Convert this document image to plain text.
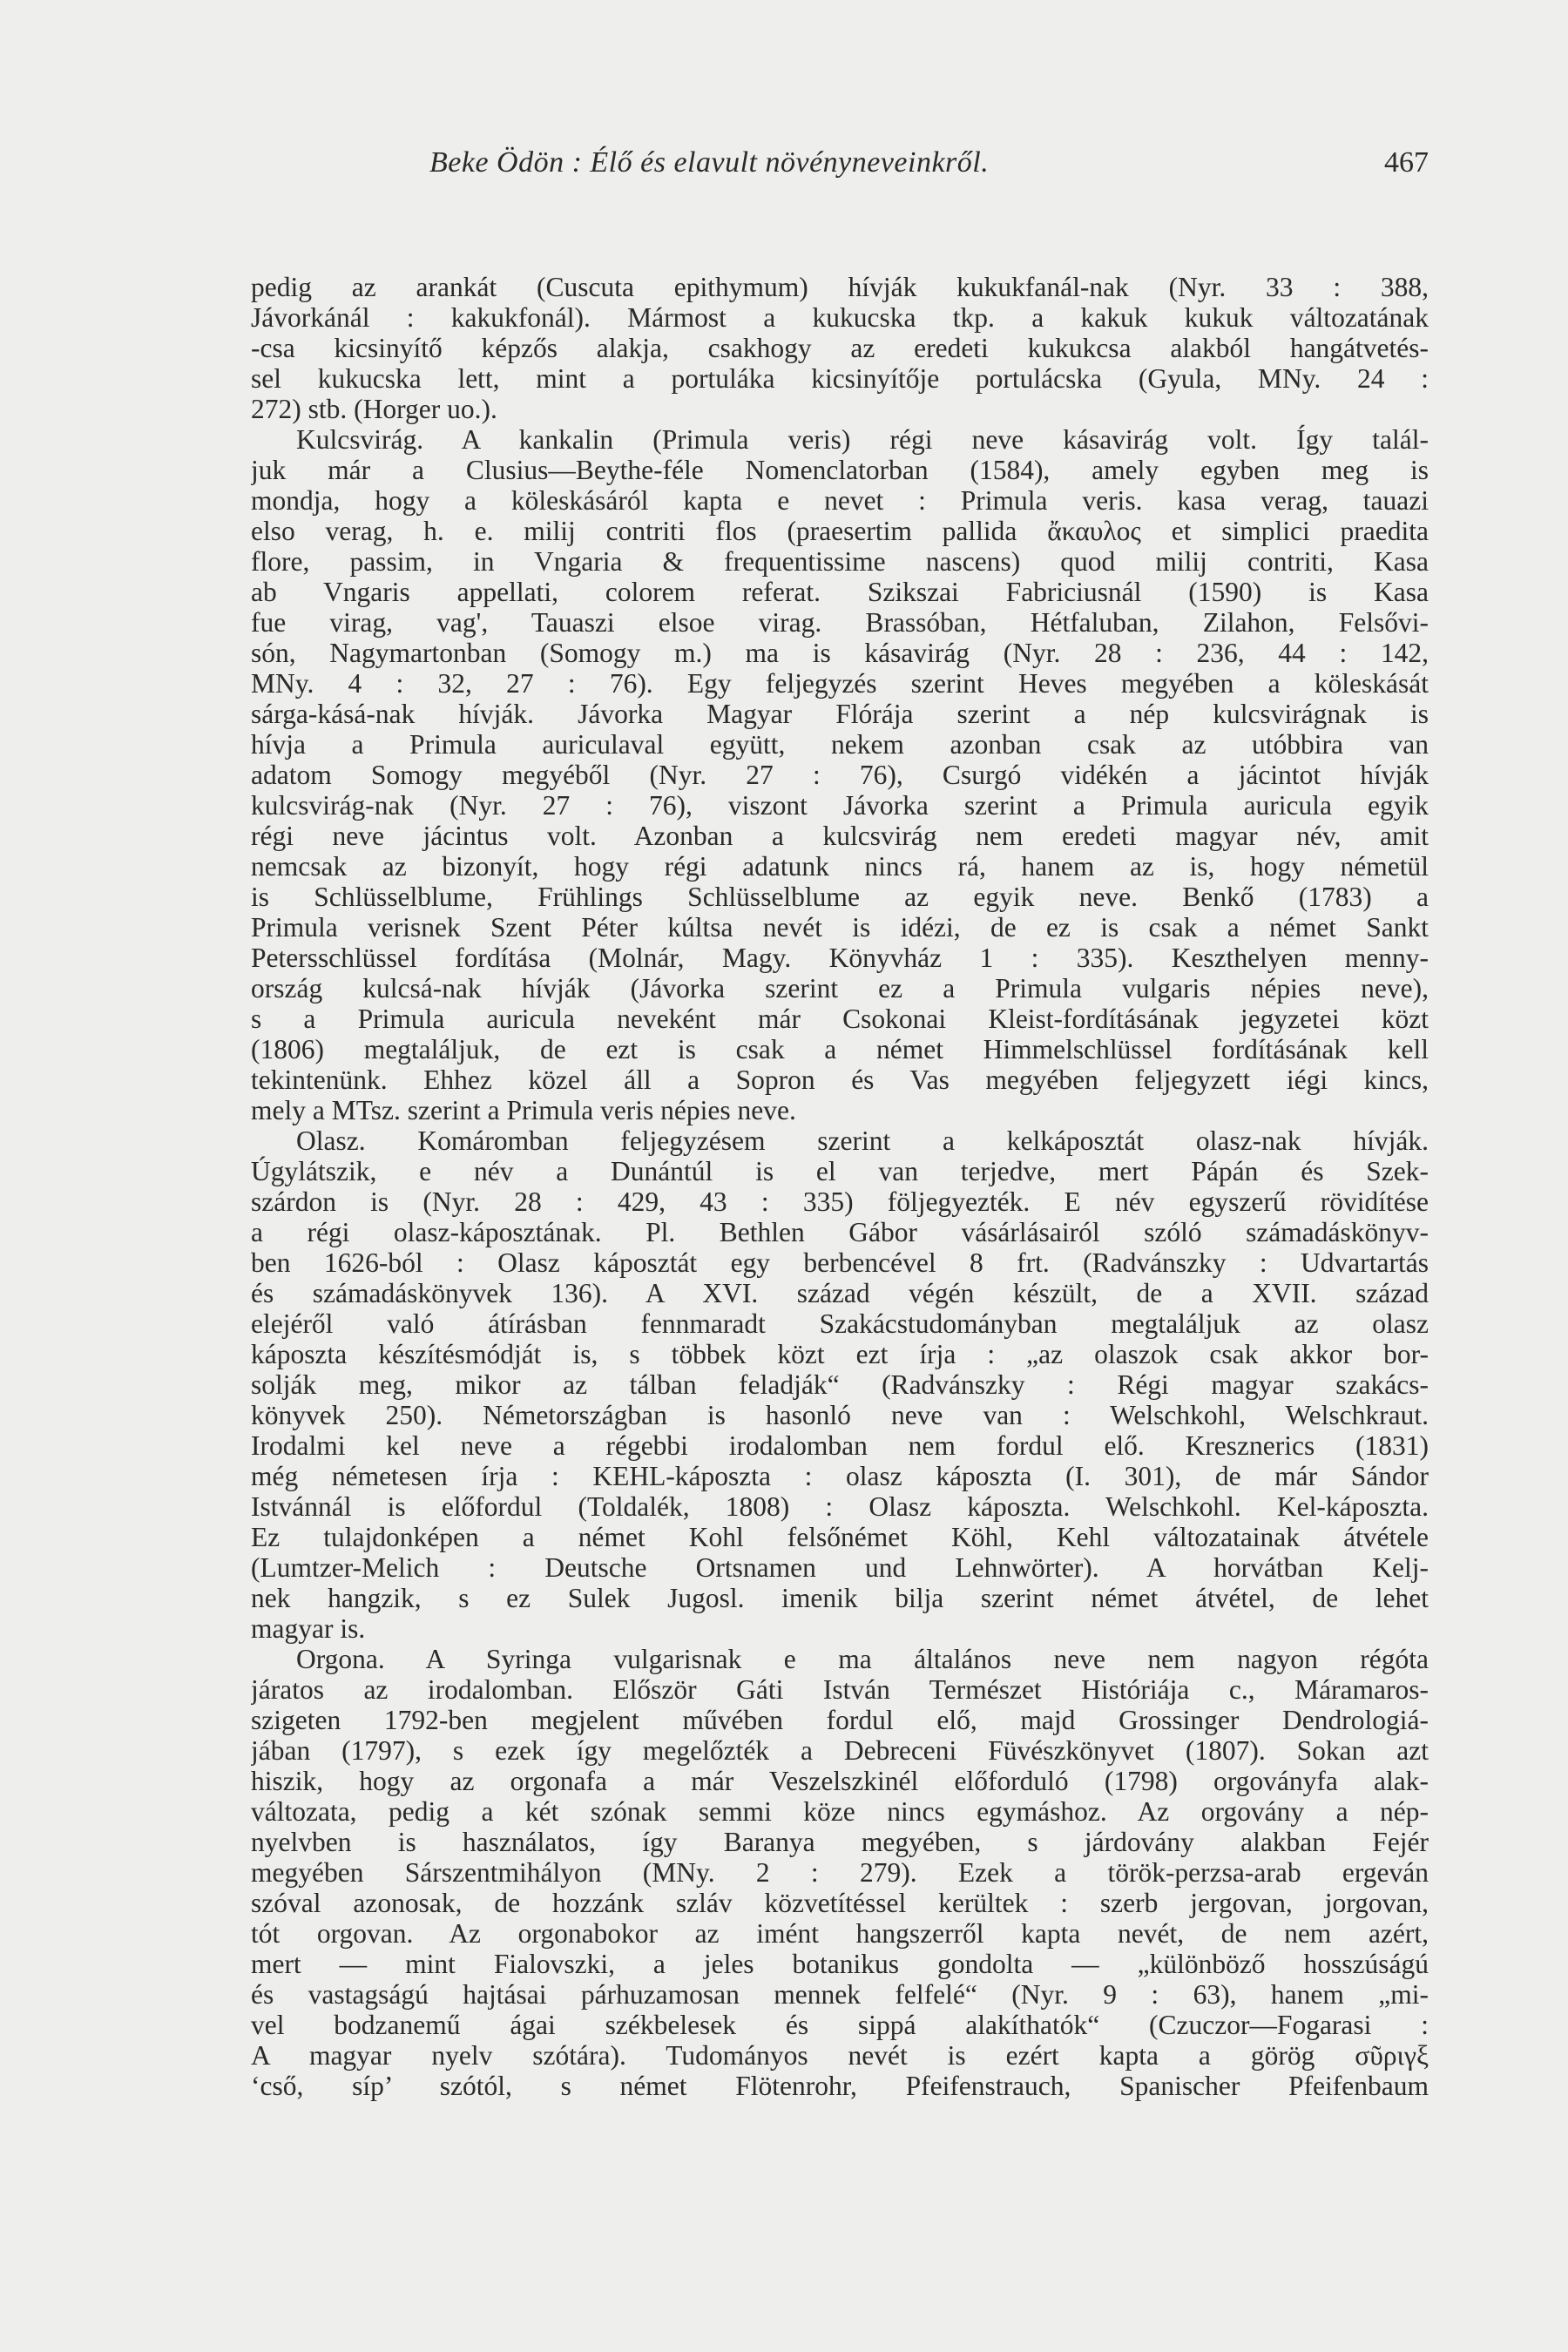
Beke Ödön : Élő és elavult növényneveinkről.	467
pedig az arankát (Cuscuta epithymum) hívják kukukfanál-nak (Nyr. 33 : 388,
Jávorkánál : kakukfonál). Mármost a kukucska tkp. a kakuk kukuk változatának
-csa kicsinyítő képzős alakja, csakhogy az eredeti kukukcsa alakból hangátvetés-
sel kukucska lett, mint a portuláka kicsinyítője portulácska (Gyula, MNy. 24 :
272) stb. (Horger uo.).
Kulcsvirág. A kankalin (Primula veris) régi neve kásavirág volt. Így talál-
juk már a Clusius—Beythe-féle Nomenclatorban (1584), amely egyben meg is
mondja, hogy a köleskásáról kapta e nevet : Primula veris. kasa verag, tauazi
elso verag, h. e. milij contriti flos (praesertim pallida ἄκαυλος et simplici praedita
flore, passim, in Vngaria & frequentissime nascens) quod milij contriti, Kasa
ab Vngaris appellati, colorem referat. Szikszai Fabriciusnál (1590) is Kasa
fue virag, vag', Tauaszi elsoe virag. Brassóban, Hétfaluban, Zilahon, Felsővi-
són, Nagymartonban (Somogy m.) ma is kásavirág (Nyr. 28 : 236, 44 : 142,
MNy. 4 : 32, 27 : 76). Egy feljegyzés szerint Heves megyében a köleskását
sárga-kásá-nak hívják. Jávorka Magyar Flórája szerint a nép kulcsvirágnak is
hívja a Primula auriculaval együtt, nekem azonban csak az utóbbira van
adatom Somogy megyéből (Nyr. 27 : 76), Csurgó vidékén a jácintot hívják
kulcsvirág-nak (Nyr. 27 : 76), viszont Jávorka szerint a Primula auricula egyik
régi neve jácintus volt. Azonban a kulcsvirág nem eredeti magyar név, amit
nemcsak az bizonyít, hogy régi adatunk nincs rá, hanem az is, hogy németül
is Schlüsselblume, Frühlings Schlüsselblume az egyik neve. Benkő (1783) a
Primula verisnek Szent Péter kúltsa nevét is idézi, de ez is csak a német Sankt
Petersschlüssel fordítása (Molnár, Magy. Könyvház 1 : 335). Keszthelyen menny-
ország kulcsá-nak hívják (Jávorka szerint ez a Primula vulgaris népies neve),
s a Primula auricula neveként már Csokonai Kleist-fordításának jegyzetei közt
(1806) megtaláljuk, de ezt is csak a német Himmelschlüssel fordításának kell
tekintenünk. Ehhez közel áll a Sopron és Vas megyében feljegyzett iégi kincs,
mely a MTsz. szerint a Primula veris népies neve.
Olasz. Komáromban feljegyzésem szerint a kelkáposztát olasz-nak hívják.
Úgylátszik, e név a Dunántúl is el van terjedve, mert Pápán és Szek-
szárdon is (Nyr. 28 : 429, 43 : 335) följegyezték. E név egyszerű rövidítése
a régi olasz-káposztának. Pl. Bethlen Gábor vásárlásairól szóló számadáskönyv-
ben 1626-ból : Olasz káposztát egy berbencével 8 frt. (Radvánszky : Udvartartás
és számadáskönyvek 136). A XVI. század végén készült, de a XVII. század
elejéről való átírásban fennmaradt Szakácstudományban megtaláljuk az olasz
káposzta készítésmódját is, s többek közt ezt írja : „az olaszok csak akkor bor-
solják meg, mikor az tálban feladják“ (Radvánszky : Régi magyar szakács-
könyvek 250). Németországban is hasonló neve van : Welschkohl, Welschkraut.
Irodalmi kel neve a régebbi irodalomban nem fordul elő. Kresznerics (1831)
még németesen írja : KEHL-káposzta : olasz káposzta (I. 301), de már Sándor
Istvánnál is előfordul (Toldalék, 1808) : Olasz káposzta. Welschkohl. Kel-káposzta.
Ez tulajdonképen a német Kohl felsőnémet Köhl, Kehl változatainak átvétele
(Lumtzer-Melich : Deutsche Ortsnamen und Lehnwörter). A horvátban Kelj-
nek hangzik, s ez Sulek Jugosl. imenik bilja szerint német átvétel, de lehet
magyar is.
Orgona. A Syringa vulgarisnak e ma általános neve nem nagyon régóta
járatos az irodalomban. Először Gáti István Természet Históriája c., Máramaros-
szigeten 1792-ben megjelent művében fordul elő, majd Grossinger Dendrologiá-
jában (1797), s ezek így megelőzték a Debreceni Füvészkönyvet (1807). Sokan azt
hiszik, hogy az orgonafa a már Veszelszkinél előforduló (1798) orgoványfa alak-
változata, pedig a két szónak semmi köze nincs egymáshoz. Az orgovány a nép-
nyelvben is használatos, így Baranya megyében, s járdovány alakban Fejér
megyében Sárszentmihályon (MNy. 2 : 279). Ezek a török-perzsa-arab ergeván
szóval azonosak, de hozzánk szláv közvetítéssel kerültek : szerb jergovan, jorgovan,
tót orgovan. Az orgonabokor az imént hangszerről kapta nevét, de nem azért,
mert — mint Fialovszki, a jeles botanikus gondolta — „különböző hosszúságú
és vastagságú hajtásai párhuzamosan mennek felfelé“ (Nyr. 9 : 63), hanem „mi-
vel bodzanemű ágai székbelesek és sippá alakíthatók“ (Czuczor—Fogarasi :
A magyar nyelv szótára). Tudományos nevét is ezért kapta a görög σῦριγξ
‘cső, síp’ szótól, s német Flötenrohr, Pfeifenstrauch, Spanischer Pfeifenbaum
